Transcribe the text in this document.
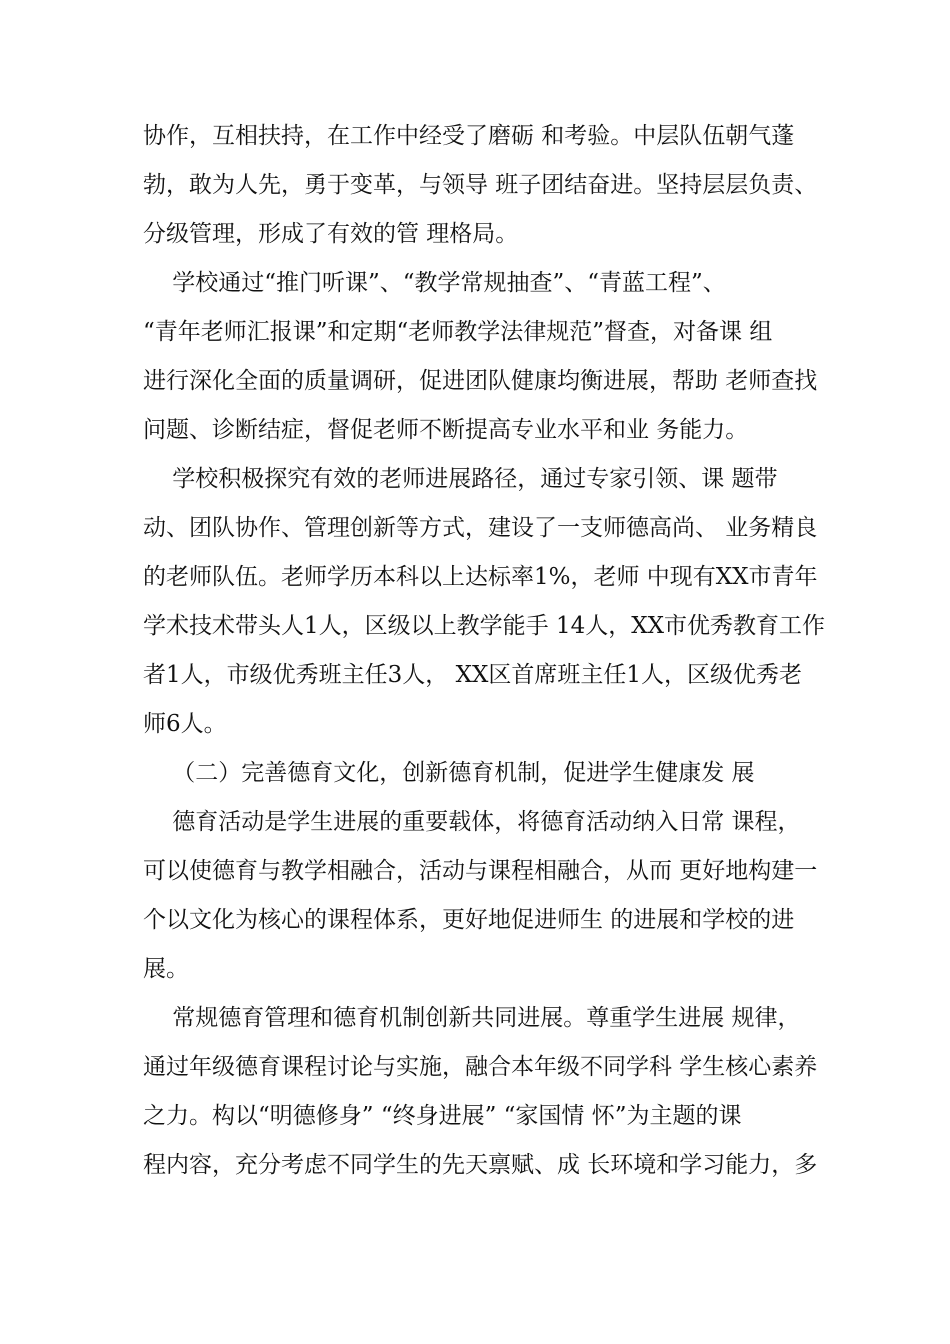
协作，互相扶持，在工作中经受了磨砺 和考验。中层队伍朝气蓬
勃，敢为人先，勇于变革，与领导 班子团结奋进。坚持层层负责、
分级管理，形成了有效的管 理格局。
学校通过“推门听课”、“教学常规抽查”、“青蓝工程”、
“青年老师汇报课”和定期“老师教学法律规范”督查，对备课 组
进行深化全面的质量调研，促进团队健康均衡进展，帮助 老师查找
问题、诊断结症，督促老师不断提高专业水平和业 务能力。
学校积极探究有效的老师进展路径，通过专家引领、课 题带
动、团队协作、管理创新等方式，建设了一支师德高尚、 业务精良
的老师队伍。老师学历本科以上达标率1%，老师 中现有XX市青年
学术技术带头人1人，区级以上教学能手 14人，XX市优秀教育工作
者1人，市级优秀班主任3人， XX区首席班主任1人，区级优秀老
师6人。
（二）完善德育文化，创新德育机制，促进学生健康发 展
德育活动是学生进展的重要载体，将德育活动纳入日常 课程，
可以使德育与教学相融合，活动与课程相融合，从而 更好地构建一
个以文化为核心的课程体系，更好地促进师生 的进展和学校的进
展。
常规德育管理和德育机制创新共同进展。尊重学生进展 规律，
通过年级德育课程讨论与实施，融合本年级不同学科 学生核心素养
之力。构以“明德修身” “终身进展” “家国情 怀”为主题的课
程内容，充分考虑不同学生的先天禀赋、成 长环境和学习能力，多
